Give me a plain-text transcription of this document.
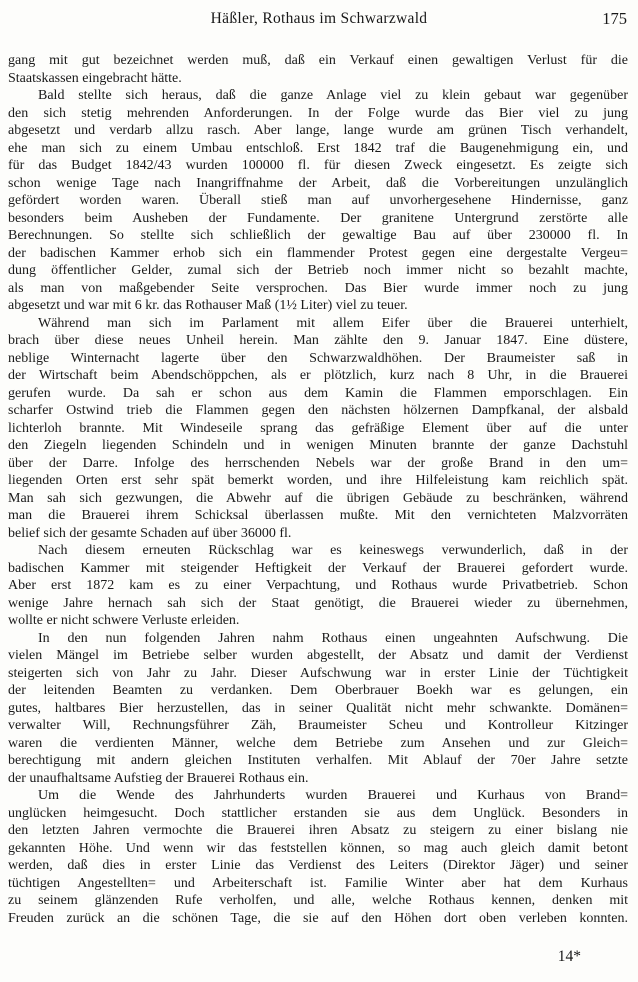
Häßler, Rothaus im Schwarzwald	175
gang mit gut bezeichnet werden muß, daß ein Verkauf einen gewaltigen Verlust für die
Staatskassen eingebracht hätte.
Bald stellte sich heraus, daß die ganze Anlage viel zu klein gebaut war gegenüber
den sich stetig mehrenden Anforderungen. In der Folge wurde das Bier viel zu jung
abgesetzt und verdarb allzu rasch. Aber lange, lange wurde am grünen Tisch verhandelt,
ehe man sich zu einem Umbau entschloß. Erst 1842 traf die Baugenehmigung ein, und
für das Budget 1842/43 wurden 100000 fl. für diesen Zweck eingesetzt. Es zeigte sich
schon wenige Tage nach Inangriffnahme der Arbeit, daß die Vorbereitungen unzulänglich
gefördert worden waren. Überall stieß man auf unvorhergesehene Hindernisse, ganz
besonders beim Ausheben der Fundamente. Der granitene Untergrund zerstörte alle
Berechnungen. So stellte sich schließlich der gewaltige Bau auf über 230000 fl. In
der badischen Kammer erhob sich ein flammender Protest gegen eine dergestalte Vergeu=
dung öffentlicher Gelder, zumal sich der Betrieb noch immer nicht so bezahlt machte,
als man von maßgebender Seite versprochen. Das Bier wurde immer noch zu jung
abgesetzt und war mit 6 kr. das Rothauser Maß (1½ Liter) viel zu teuer.
Während man sich im Parlament mit allem Eifer über die Brauerei unterhielt,
brach über diese neues Unheil herein. Man zählte den 9. Januar 1847. Eine düstere,
neblige Winternacht lagerte über den Schwarzwaldhöhen. Der Braumeister saß in
der Wirtschaft beim Abendschöppchen, als er plötzlich, kurz nach 8 Uhr, in die Brauerei
gerufen wurde. Da sah er schon aus dem Kamin die Flammen emporschlagen. Ein
scharfer Ostwind trieb die Flammen gegen den nächsten hölzernen Dampfkanal, der alsbald
lichterloh brannte. Mit Windeseile sprang das gefräßige Element über auf die unter
den Ziegeln liegenden Schindeln und in wenigen Minuten brannte der ganze Dachstuhl
über der Darre. Infolge des herrschenden Nebels war der große Brand in den um=
liegenden Orten erst sehr spät bemerkt worden, und ihre Hilfeleistung kam reichlich spät.
Man sah sich gezwungen, die Abwehr auf die übrigen Gebäude zu beschränken, während
man die Brauerei ihrem Schicksal überlassen mußte. Mit den vernichteten Malzvorräten
belief sich der gesamte Schaden auf über 36000 fl.
Nach diesem erneuten Rückschlag war es keineswegs verwunderlich, daß in der
badischen Kammer mit steigender Heftigkeit der Verkauf der Brauerei gefordert wurde.
Aber erst 1872 kam es zu einer Verpachtung, und Rothaus wurde Privatbetrieb. Schon
wenige Jahre hernach sah sich der Staat genötigt, die Brauerei wieder zu übernehmen,
wollte er nicht schwere Verluste erleiden.
In den nun folgenden Jahren nahm Rothaus einen ungeahnten Aufschwung. Die
vielen Mängel im Betriebe selber wurden abgestellt, der Absatz und damit der Verdienst
steigerten sich von Jahr zu Jahr. Dieser Aufschwung war in erster Linie der Tüchtigkeit
der leitenden Beamten zu verdanken. Dem Oberbrauer Boekh war es gelungen, ein
gutes, haltbares Bier herzustellen, das in seiner Qualität nicht mehr schwankte. Domänen=
verwalter Will, Rechnungsführer Zäh, Braumeister Scheu und Kontrolleur Kitzinger
waren die verdienten Männer, welche dem Betriebe zum Ansehen und zur Gleich=
berechtigung mit andern gleichen Instituten verhalfen. Mit Ablauf der 70er Jahre setzte
der unaufhaltsame Aufstieg der Brauerei Rothaus ein.
Um die Wende des Jahrhunderts wurden Brauerei und Kurhaus von Brand=
unglücken heimgesucht. Doch stattlicher erstanden sie aus dem Unglück. Besonders in
den letzten Jahren vermochte die Brauerei ihren Absatz zu steigern zu einer bislang nie
gekannten Höhe. Und wenn wir das feststellen können, so mag auch gleich damit betont
werden, daß dies in erster Linie das Verdienst des Leiters (Direktor Jäger) und seiner
tüchtigen Angestellten= und Arbeiterschaft ist. Familie Winter aber hat dem Kurhaus
zu seinem glänzenden Rufe verholfen, und alle, welche Rothaus kennen, denken mit
Freuden zurück an die schönen Tage, die sie auf den Höhen dort oben verleben konnten.
14*
